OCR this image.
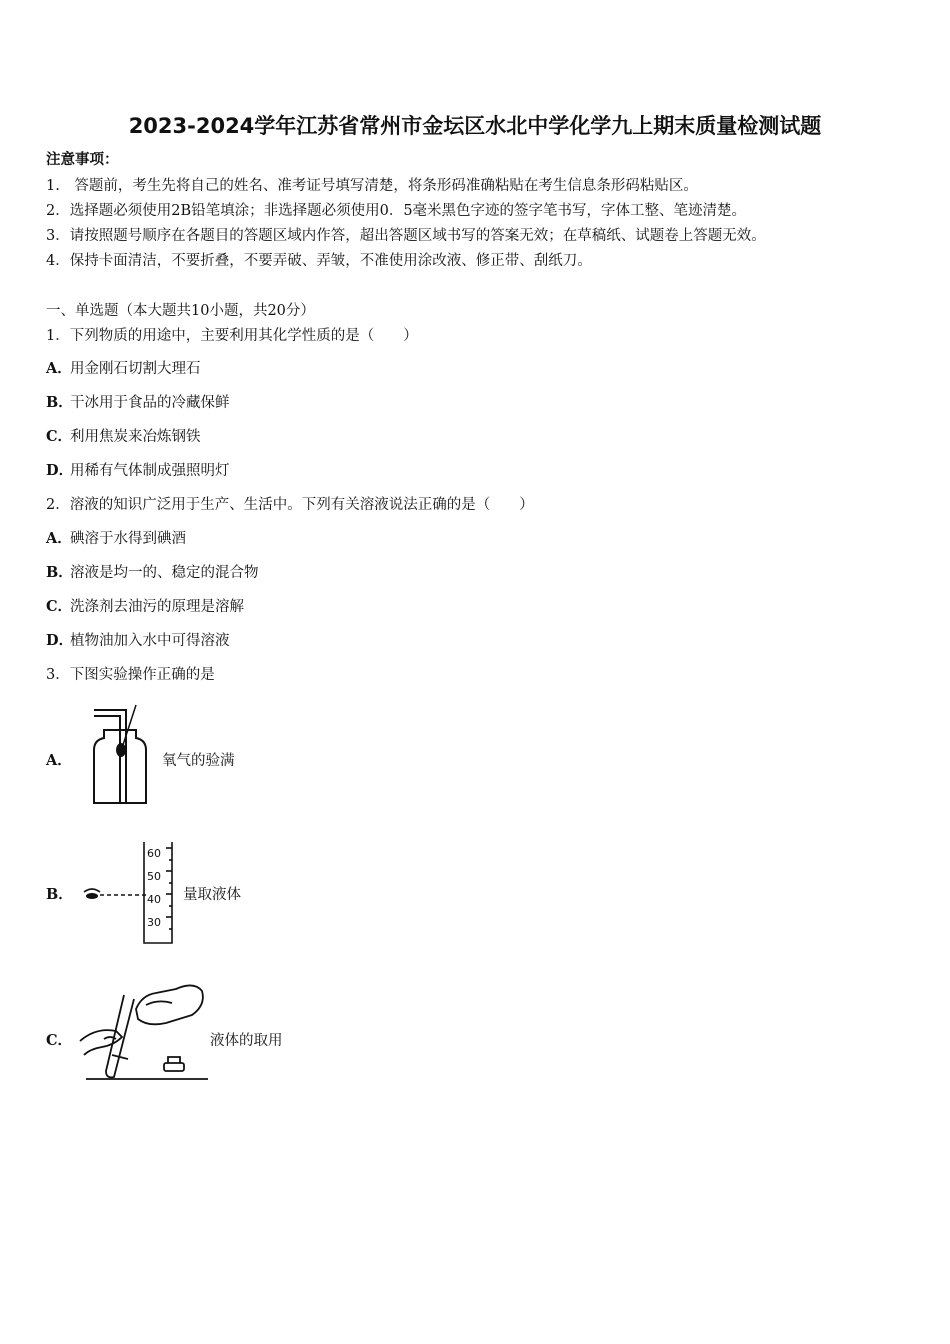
2023-2024学年江苏省常州市金坛区水北中学化学九上期末质量检测试题
注意事项：
1.　答题前，考生先将自己的姓名、准考证号填写清楚，将条形码准确粘贴在考生信息条形码粘贴区。
2．选择题必须使用2B铅笔填涂；非选择题必须使用0．5毫米黑色字迹的签字笔书写，字体工整、笔迹清楚。
3．请按照题号顺序在各题目的答题区域内作答，超出答题区域书写的答案无效；在草稿纸、试题卷上答题无效。
4．保持卡面清洁，不要折叠，不要弄破、弄皱，不准使用涂改液、修正带、刮纸刀。
一、单选题（本大题共10小题，共20分）
1．下列物质的用途中，主要利用其化学性质的是（　　）
A．用金刚石切割大理石
B．干冰用于食品的冷藏保鲜
C．利用焦炭来冶炼钢铁
D．用稀有气体制成强照明灯
2．溶液的知识广泛用于生产、生活中。下列有关溶液说法正确的是（　　）
A．碘溶于水得到碘酒
B．溶液是均一的、稳定的混合物
C．洗涤剂去油污的原理是溶解
D．植物油加入水中可得溶液
3．下图实验操作正确的是
A．	氧气的验满
B．
60
50
40
30
量取液体
C．	液体的取用
